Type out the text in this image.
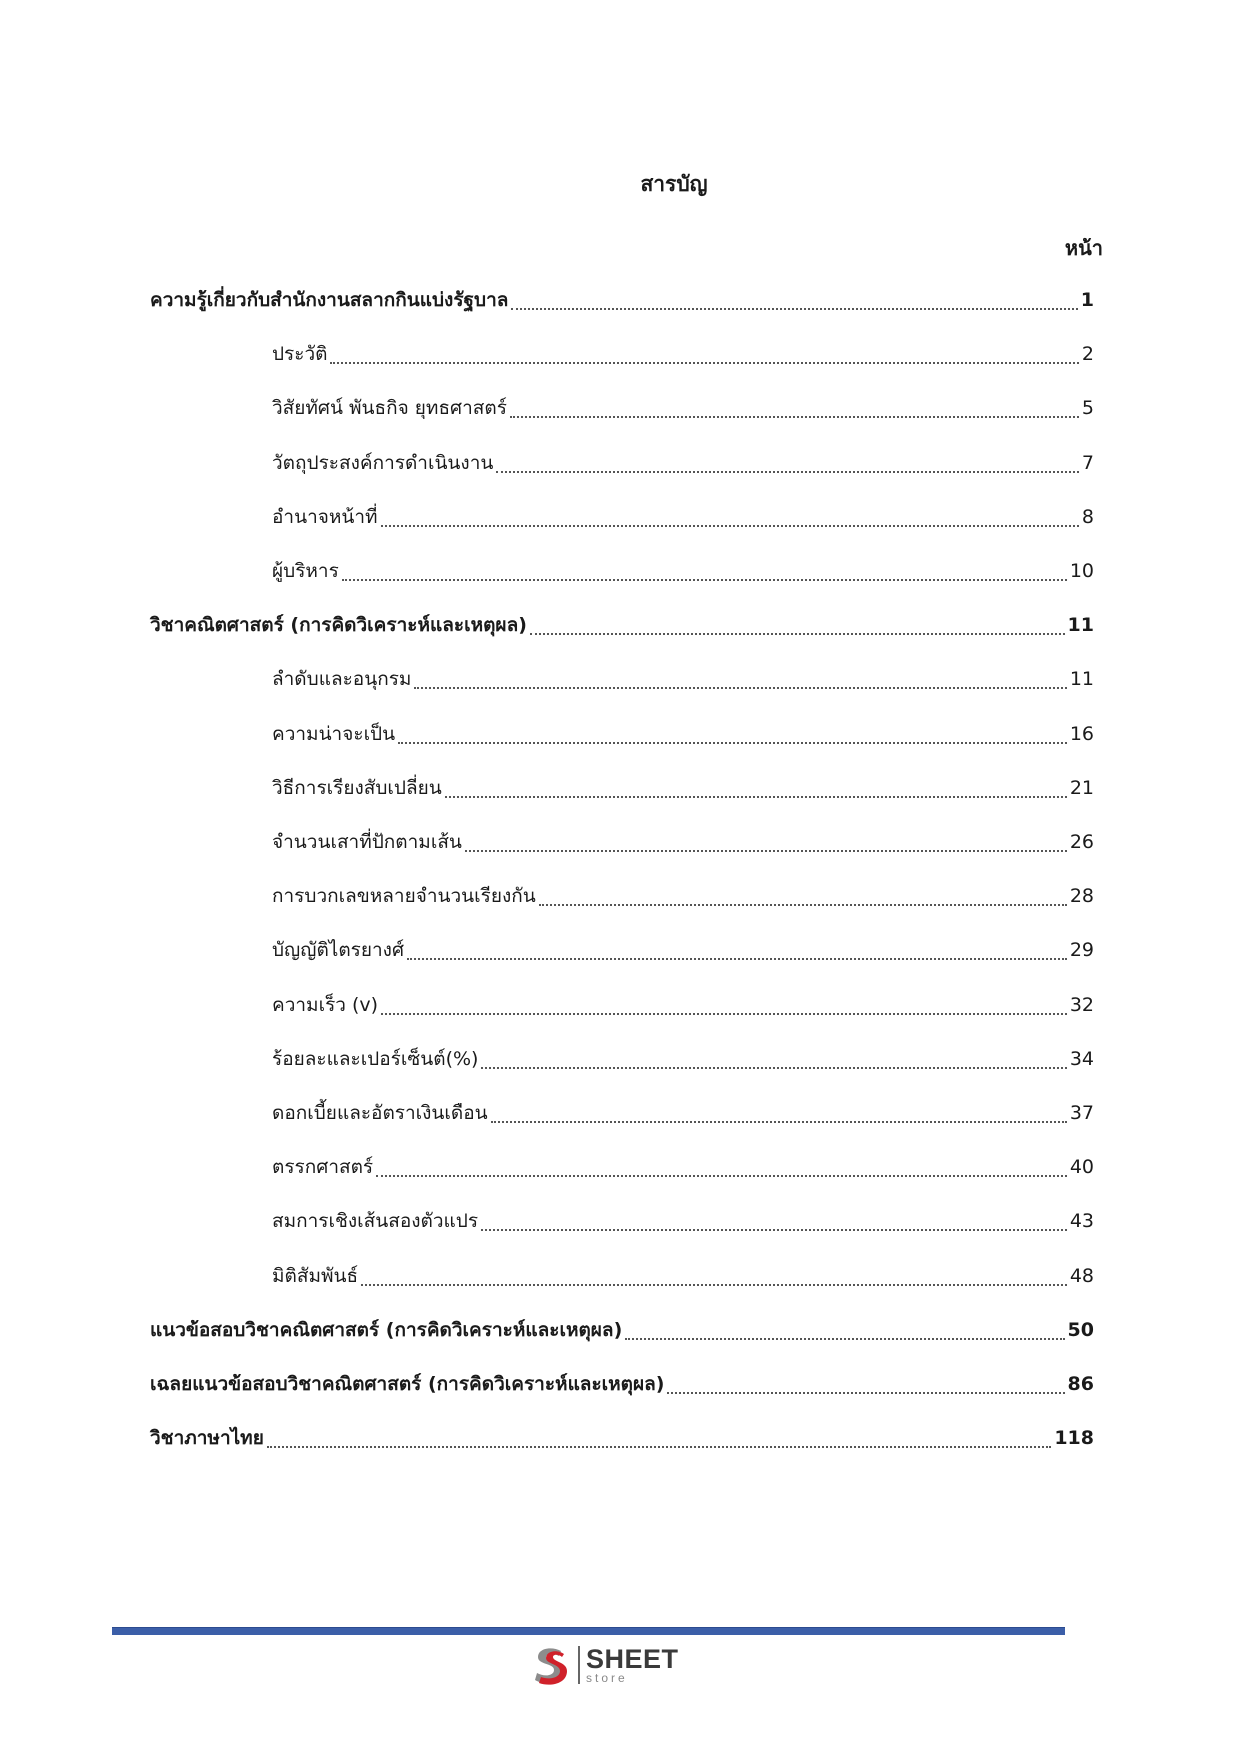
สารบัญ
หน้า
ความรู้เกี่ยวกับสำนักงานสลากกินแบ่งรัฐบาล	1
ประวัติ	2
วิสัยทัศน์ พันธกิจ ยุทธศาสตร์	5
วัตถุประสงค์การดำเนินงาน	7
อำนาจหน้าที่	8
ผู้บริหาร	10
วิชาคณิตศาสตร์ (การคิดวิเคราะห์และเหตุผล)	11
ลำดับและอนุกรม	11
ความน่าจะเป็น	16
วิธีการเรียงสับเปลี่ยน	21
จำนวนเสาที่ปักตามเส้น	26
การบวกเลขหลายจำนวนเรียงกัน	28
บัญญัติไตรยางศ์	29
ความเร็ว (v)	32
ร้อยละและเปอร์เซ็นต์(%)	34
ดอกเบี้ยและอัตราเงินเดือน	37
ตรรกศาสตร์	40
สมการเชิงเส้นสองตัวแปร	43
มิติสัมพันธ์	48
แนวข้อสอบวิชาคณิตศาสตร์ (การคิดวิเคราะห์และเหตุผล)	50
เฉลยแนวข้อสอบวิชาคณิตศาสตร์ (การคิดวิเคราะห์และเหตุผล)	86
วิชาภาษาไทย	118
SHEET
store
